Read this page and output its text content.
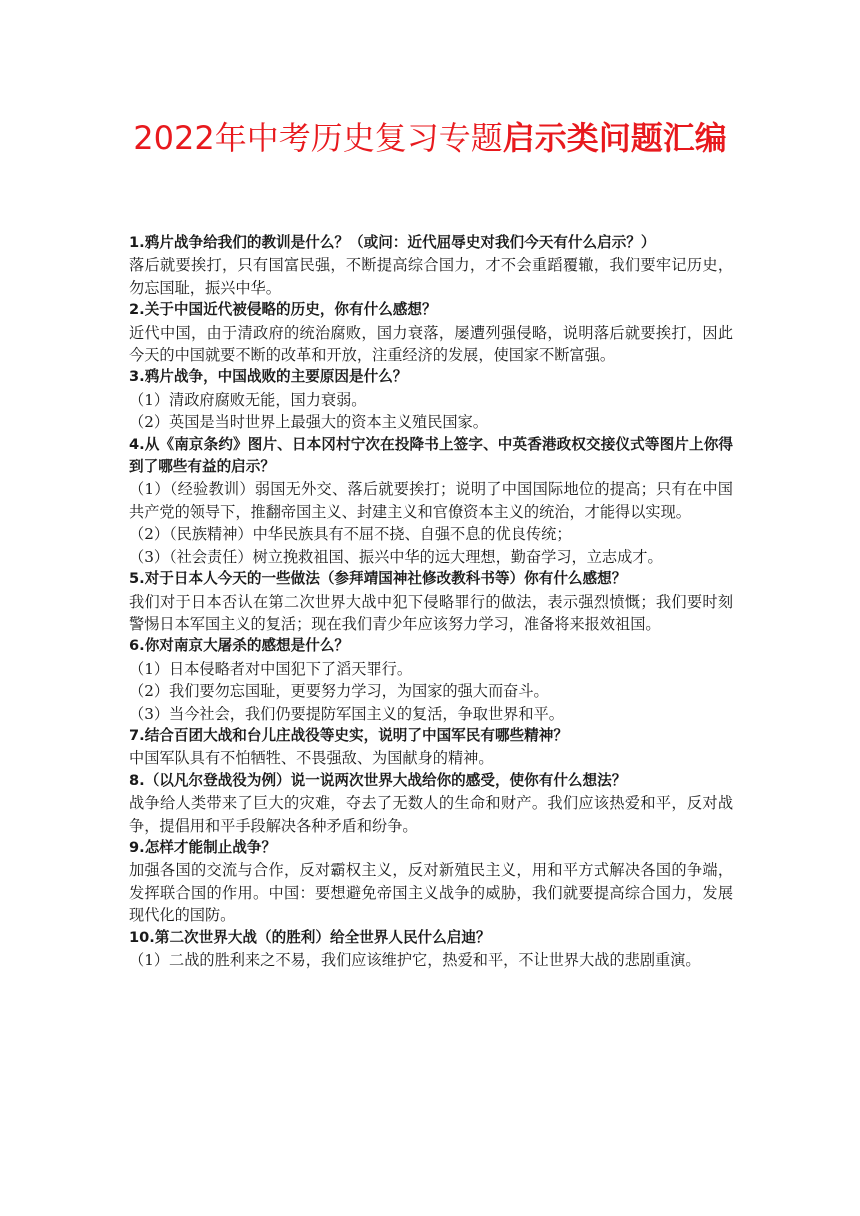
2022年中考历史复习专题启示类问题汇编

1.鸦片战争给我们的教训是什么？（或问：近代屈辱史对我们今天有什么启示？）

落后就要挨打，只有国富民强，不断提高综合国力，才不会重蹈覆辙，我们要牢记历史，勿忘国耻，振兴中华。

2.关于中国近代被侵略的历史，你有什么感想？

近代中国，由于清政府的统治腐败，国力衰落，屡遭列强侵略，说明落后就要挨打，因此今天的中国就要不断的改革和开放，注重经济的发展，使国家不断富强。

3.鸦片战争，中国战败的主要原因是什么？

（1）清政府腐败无能，国力衰弱。

（2）英国是当时世界上最强大的资本主义殖民国家。

4.从《南京条约》图片、日本冈村宁次在投降书上签字、中英香港政权交接仪式等图片上你得到了哪些有益的启示？

（1）（经验教训）弱国无外交、落后就要挨打；说明了中国国际地位的提高；只有在中国共产党的领导下，推翻帝国主义、封建主义和官僚资本主义的统治，才能得以实现。

（2）（民族精神）中华民族具有不屈不挠、自强不息的优良传统；

（3）（社会责任）树立挽救祖国、振兴中华的远大理想，勤奋学习，立志成才。

5.对于日本人今天的一些做法（参拜靖国神社修改教科书等）你有什么感想？

我们对于日本否认在第二次世界大战中犯下侵略罪行的做法，表示强烈愤慨；我们要时刻警惕日本军国主义的复活；现在我们青少年应该努力学习，准备将来报效祖国。

6.你对南京大屠杀的感想是什么？

（1）日本侵略者对中国犯下了滔天罪行。

（2）我们要勿忘国耻，更要努力学习，为国家的强大而奋斗。

（3）当今社会，我们仍要提防军国主义的复活，争取世界和平。

7.结合百团大战和台儿庄战役等史实，说明了中国军民有哪些精神？

中国军队具有不怕牺牲、不畏强敌、为国献身的精神。

8.（以凡尔登战役为例）说一说两次世界大战给你的感受，使你有什么想法？

战争给人类带来了巨大的灾难，夺去了无数人的生命和财产。我们应该热爱和平，反对战争，提倡用和平手段解决各种矛盾和纷争。

9.怎样才能制止战争？

加强各国的交流与合作，反对霸权主义，反对新殖民主义，用和平方式解决各国的争端，发挥联合国的作用。中国：要想避免帝国主义战争的威胁，我们就要提高综合国力，发展现代化的国防。

10.第二次世界大战（的胜利）给全世界人民什么启迪？

（1）二战的胜利来之不易，我们应该维护它，热爱和平，不让世界大战的悲剧重演。
